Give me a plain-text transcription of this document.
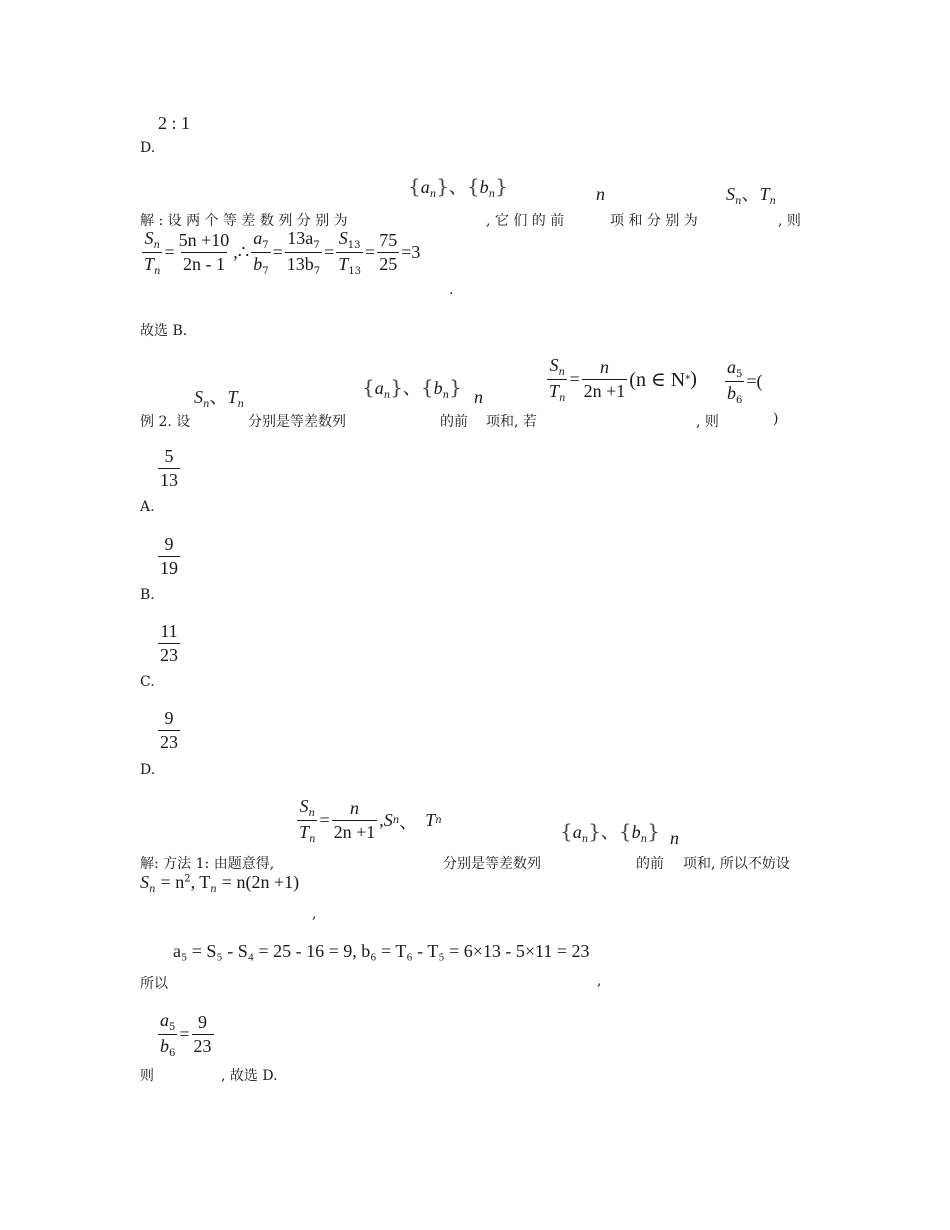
2 : 1
D.
$\{a_n\}$、$\{b_n\}$	n	$S_n$、$T_n$
解 : 设 两 个 等 差 数 列 分 别 为	, 它 们 的 前	项 和 分 别 为	, 则
$\frac{S_n}{T_n} = \frac{5n +10}{2n - 1}$ ,∴ $\frac{a_7}{b_7} = \frac{13a_7}{13b_7} = \frac{S_{13}}{T_{13}} = \frac{75}{25} =3$
.
故选 B.
$S_n$、$T_n$
$\{a_n\}$、$\{b_n\}$ n	$\frac{S_n}{T_n} = \frac{n}{2n +1} (n$ ∈ N * ) $\frac{a_5}{b_6}$ =(
例 2. 设	分别是等差数列	的前 项和, 若	, 则	)
$\frac{5}{13}$
A.
$\frac{9}{19}$
B.
$\frac{11}{23}$
C.
$\frac{9}{23}$
D.
$\frac{S_n}{T_n} = \frac{n}{2n +1}$ , S n 、 T n	$\{a_n\}$、$\{b_n\}$ n
解: 方法 1: 由题意得,	分别是等差数列	的前 项和, 所以不妨设
$S_n = n^2$, $T_n = n(2n +1)$
,
a₅ = S₅ - S₄ = 25 - 16 = 9, b₆ = T₆ - T₅ = 6×13 - 5×11 = 23
所以	,
$\frac{a_5}{b_6} = \frac{9}{23}$
则	, 故选 D.
